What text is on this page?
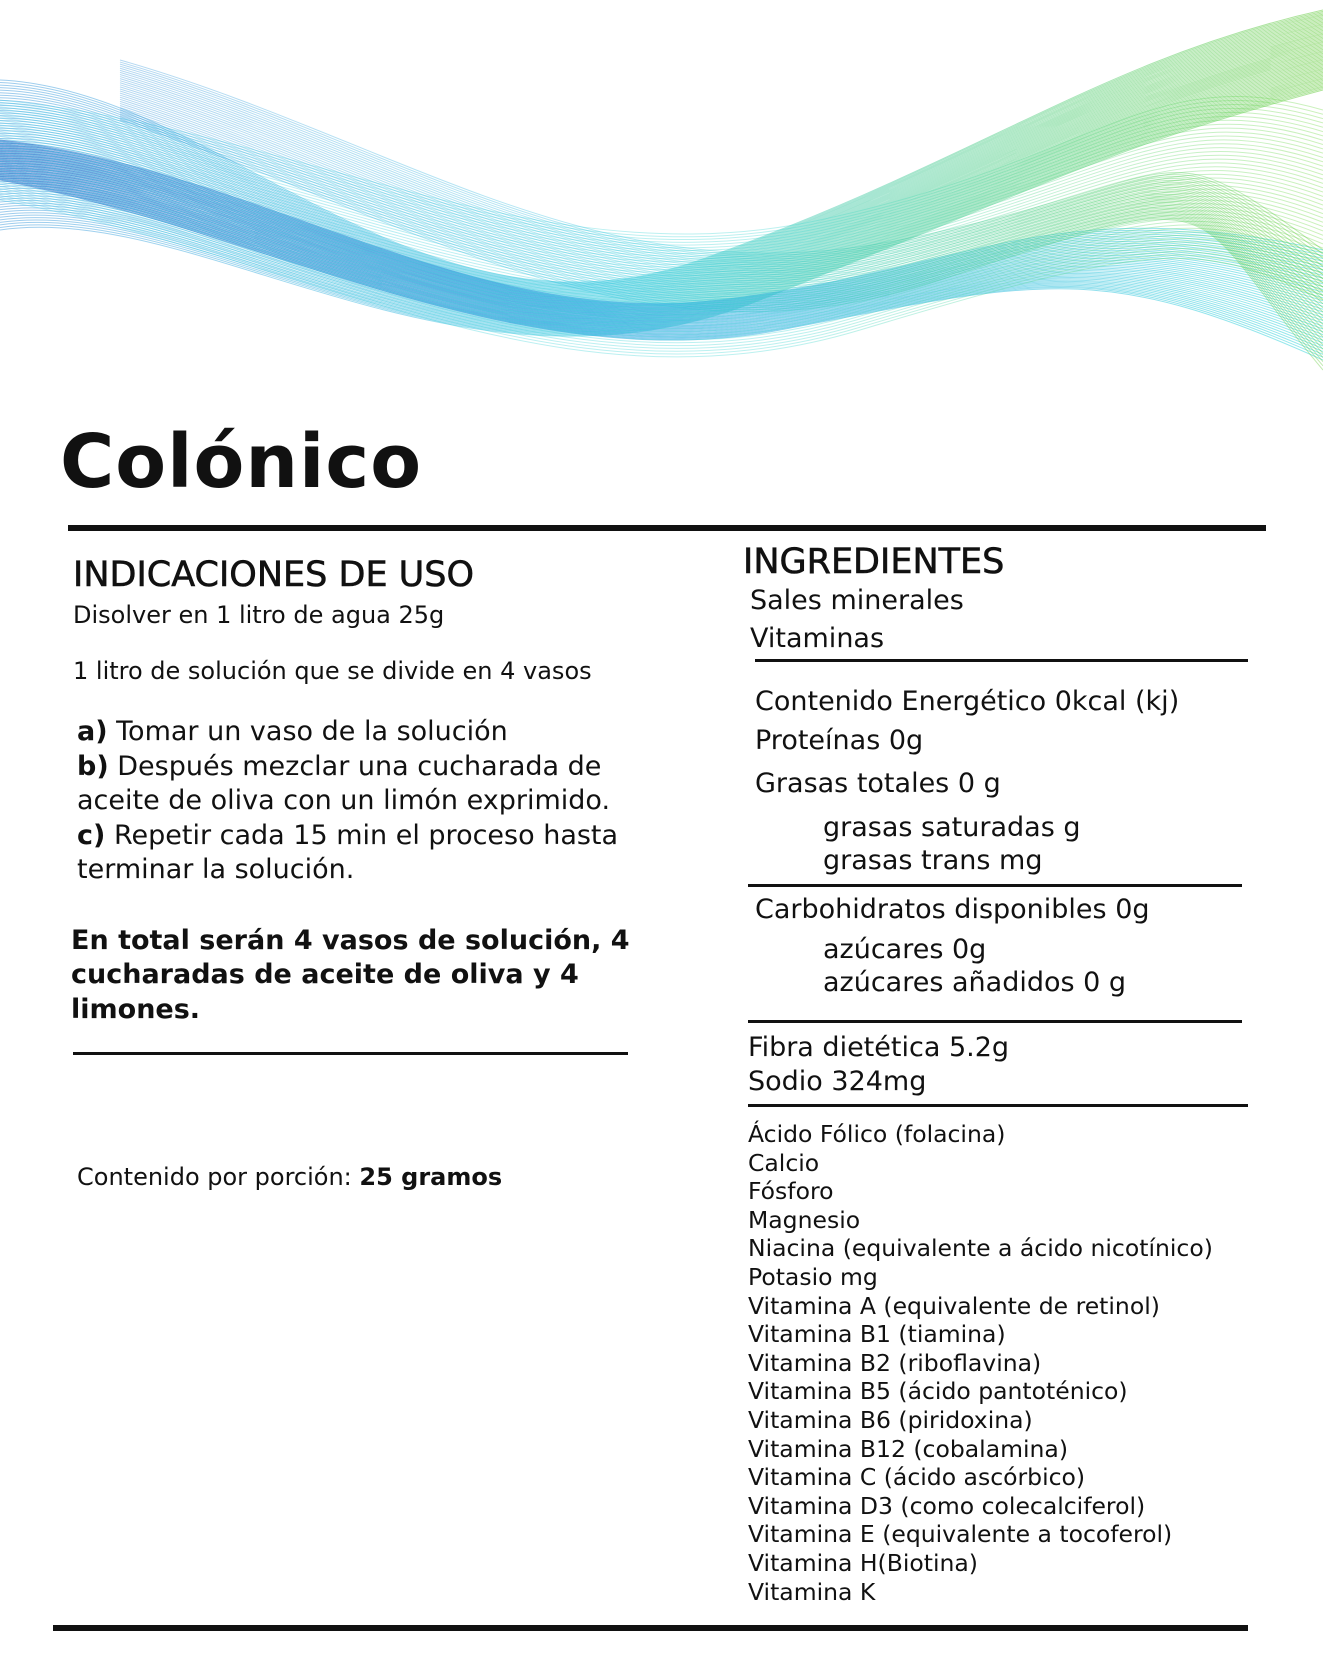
Colónico
INDICACIONES DE USO
Disolver en 1 litro de agua 25g
1 litro de solución que se divide en 4 vasos

a) Tomar un vaso de la solución

b) Después mezclar una cucharada de aceite de oliva con un limón exprimido.

c) Repetir cada 15 min el proceso hasta terminar la solución.

En total serán 4 vasos de solución, 4 cucharadas de aceite de oliva y 4 limones.
Contenido por porción: 25 gramos
INGREDIENTES
Sales minerales
Vitaminas
Contenido Energético 0kcal (kj)
Proteínas 0g
Grasas totales 0 g
grasas saturadas g
grasas trans mg
Carbohidratos disponibles 0g
azúcares 0g
azúcares añadidos 0 g
Fibra dietética 5.2g
Sodio 324mg
Ácido Fólico (folacina)
Calcio
Fósforo
Magnesio
Niacina (equivalente a ácido nicotínico)
Potasio mg
Vitamina A (equivalente de retinol)
Vitamina B1 (tiamina)
Vitamina B2 (riboflavina)
Vitamina B5 (ácido pantoténico)
Vitamina B6 (piridoxina)
Vitamina B12 (cobalamina)
Vitamina C (ácido ascórbico)
Vitamina D3 (como colecalciferol)
Vitamina E (equivalente a tocoferol)
Vitamina H(Biotina)
Vitamina K
